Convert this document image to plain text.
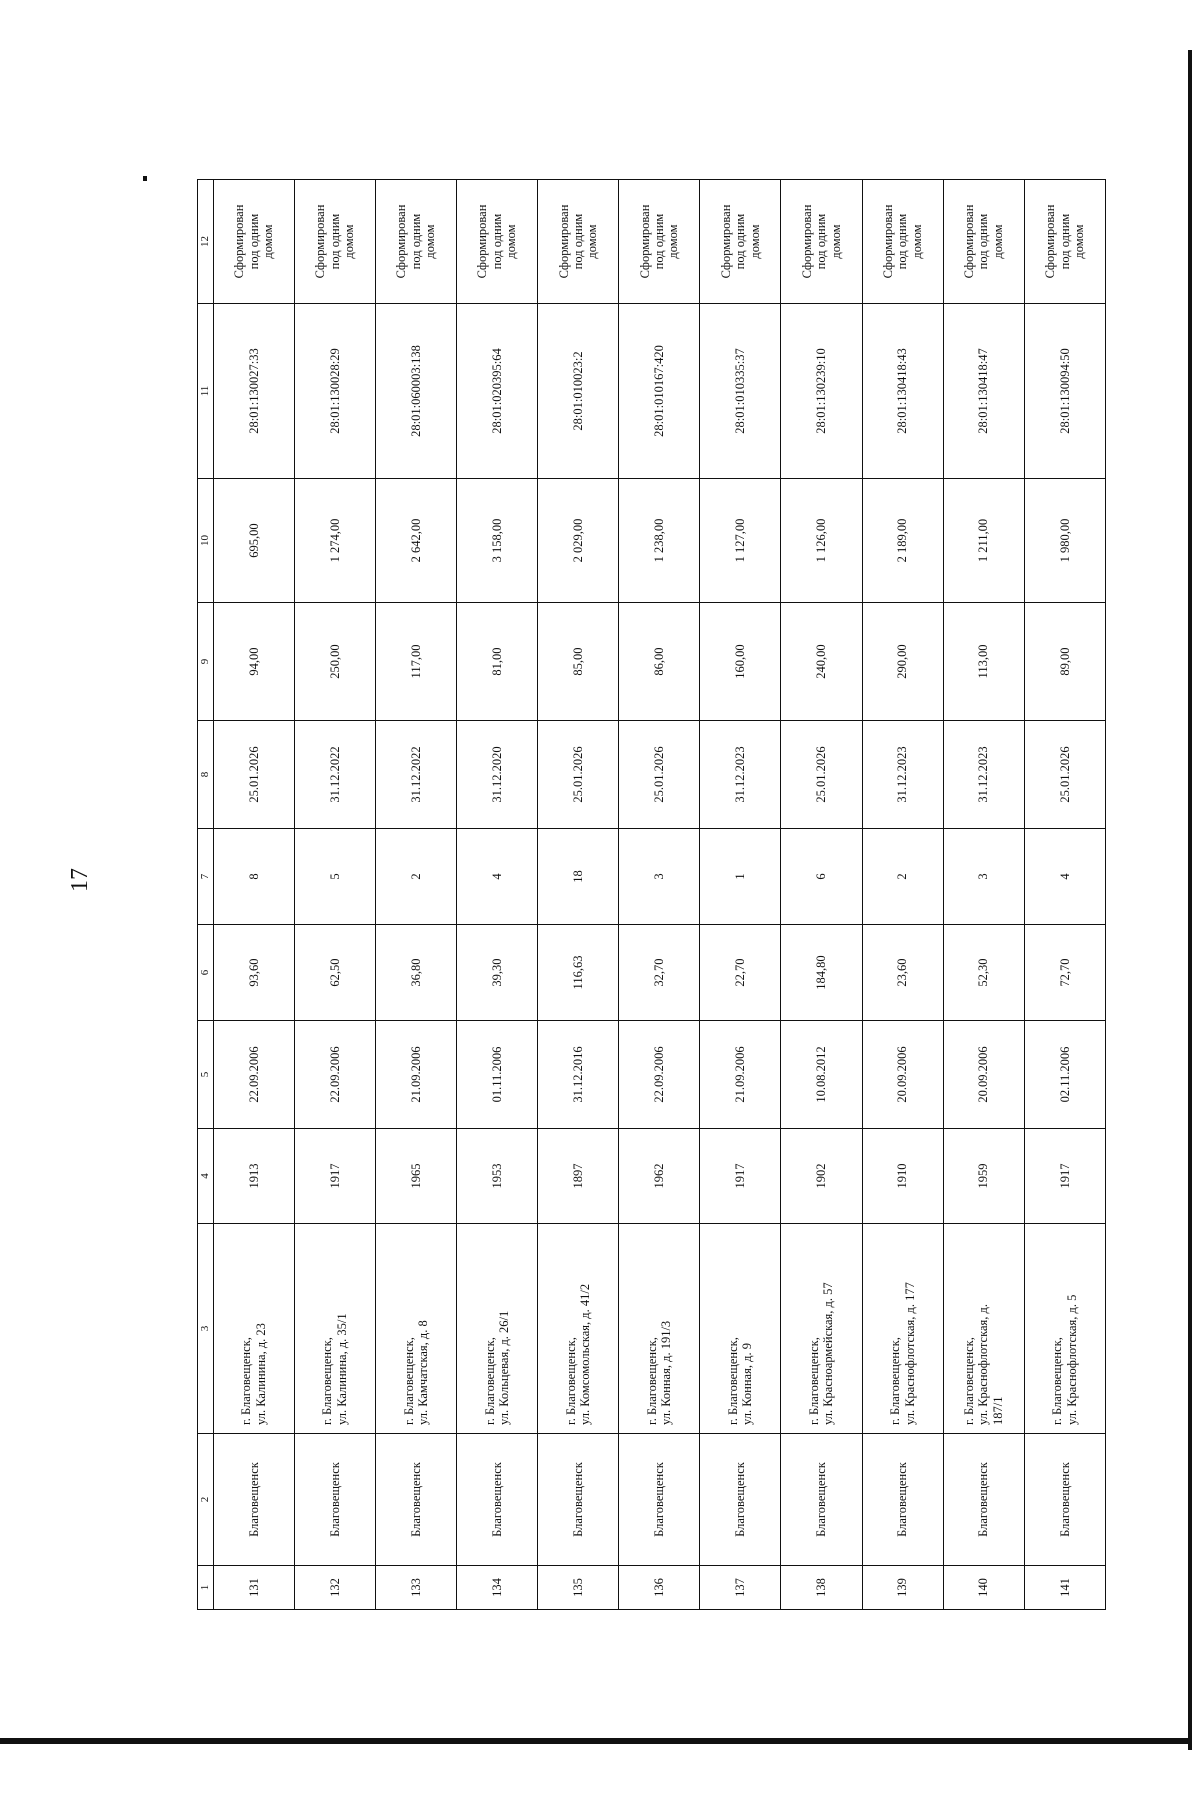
17
1	2	3	4	5	6	7	8	9	10	11	12
131	Благовещенск	г. Благовещенск,
ул. Калинина, д. 23	1913	22.09.2006	93,60	8	25.01.2026	94,00	695,00	28:01:130027:33	Сформирован
под одним
домом
132	Благовещенск	г. Благовещенск,
ул. Калинина, д. 35/1	1917	22.09.2006	62,50	5	31.12.2022	250,00	1 274,00	28:01:130028:29	Сформирован
под одним
домом
133	Благовещенск	г. Благовещенск,
ул. Камчатская, д. 8	1965	21.09.2006	36,80	2	31.12.2022	117,00	2 642,00	28:01:060003:138	Сформирован
под одним
домом
134	Благовещенск	г. Благовещенск,
ул. Кольцевая, д. 26/1	1953	01.11.2006	39,30	4	31.12.2020	81,00	3 158,00	28:01:020395:64	Сформирован
под одним
домом
135	Благовещенск	г. Благовещенск,
ул. Комсомольская, д. 41/2	1897	31.12.2016	116,63	18	25.01.2026	85,00	2 029,00	28:01:010023:2	Сформирован
под одним
домом
136	Благовещенск	г. Благовещенск,
ул. Конная, д. 191/3	1962	22.09.2006	32,70	3	25.01.2026	86,00	1 238,00	28:01:010167:420	Сформирован
под одним
домом
137	Благовещенск	г. Благовещенск,
ул. Конная, д. 9	1917	21.09.2006	22,70	1	31.12.2023	160,00	1 127,00	28:01:010335:37	Сформирован
под одним
домом
138	Благовещенск	г. Благовещенск,
ул. Красноармейская, д. 57	1902	10.08.2012	184,80	6	25.01.2026	240,00	1 126,00	28:01:130239:10	Сформирован
под одним
домом
139	Благовещенск	г. Благовещенск,
ул. Краснофлотская, д. 177	1910	20.09.2006	23,60	2	31.12.2023	290,00	2 189,00	28:01:130418:43	Сформирован
под одним
домом
140	Благовещенск	г. Благовещенск,
ул. Краснофлотская, д.
187/1	1959	20.09.2006	52,30	3	31.12.2023	113,00	1 211,00	28:01:130418:47	Сформирован
под одним
домом
141	Благовещенск	г. Благовещенск,
ул. Краснофлотская, д. 5	1917	02.11.2006	72,70	4	25.01.2026	89,00	1 980,00	28:01:130094:50	Сформирован
под одним
домом
